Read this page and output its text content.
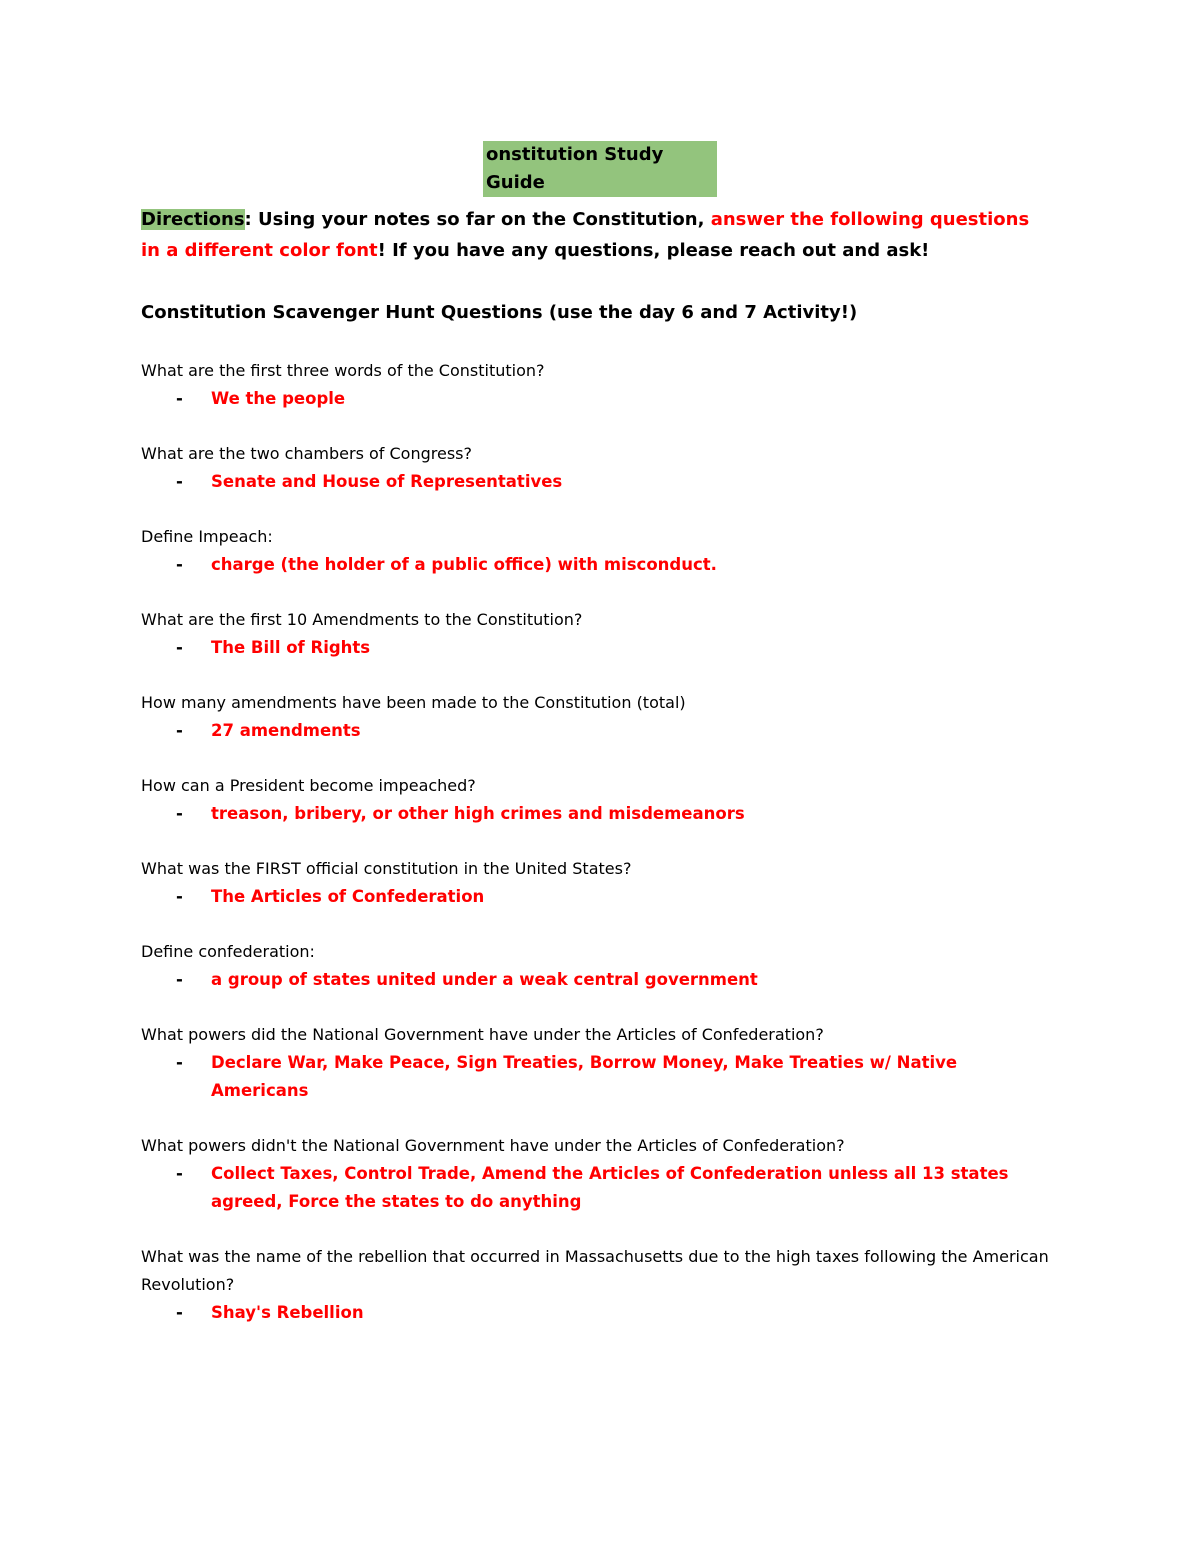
onstitution Study Guide
Directions: Using your notes so far on the Constitution, answer the following questions in a different color font! If you have any questions, please reach out and ask!
Constitution Scavenger Hunt Questions (use the day 6 and 7 Activity!)
What are the first three words of the Constitution?
- We the people
What are the two chambers of Congress?
- Senate and House of Representatives
Define Impeach:
- charge (the holder of a public office) with misconduct.
What are the first 10 Amendments to the Constitution?
- The Bill of Rights
How many amendments have been made to the Constitution (total)
- 27 amendments
How can a President become impeached?
- treason, bribery, or other high crimes and misdemeanors
What was the FIRST official constitution in the United States?
- The Articles of Confederation
Define confederation:
- a group of states united under a weak central government
What powers did the National Government have under the Articles of Confederation?
- Declare War, Make Peace, Sign Treaties, Borrow Money, Make Treaties w/ Native Americans
What powers didn't the National Government have under the Articles of Confederation?
- Collect Taxes, Control Trade, Amend the Articles of Confederation unless all 13 states agreed, Force the states to do anything
What was the name of the rebellion that occurred in Massachusetts due to the high taxes following the American Revolution?
- Shay's Rebellion
